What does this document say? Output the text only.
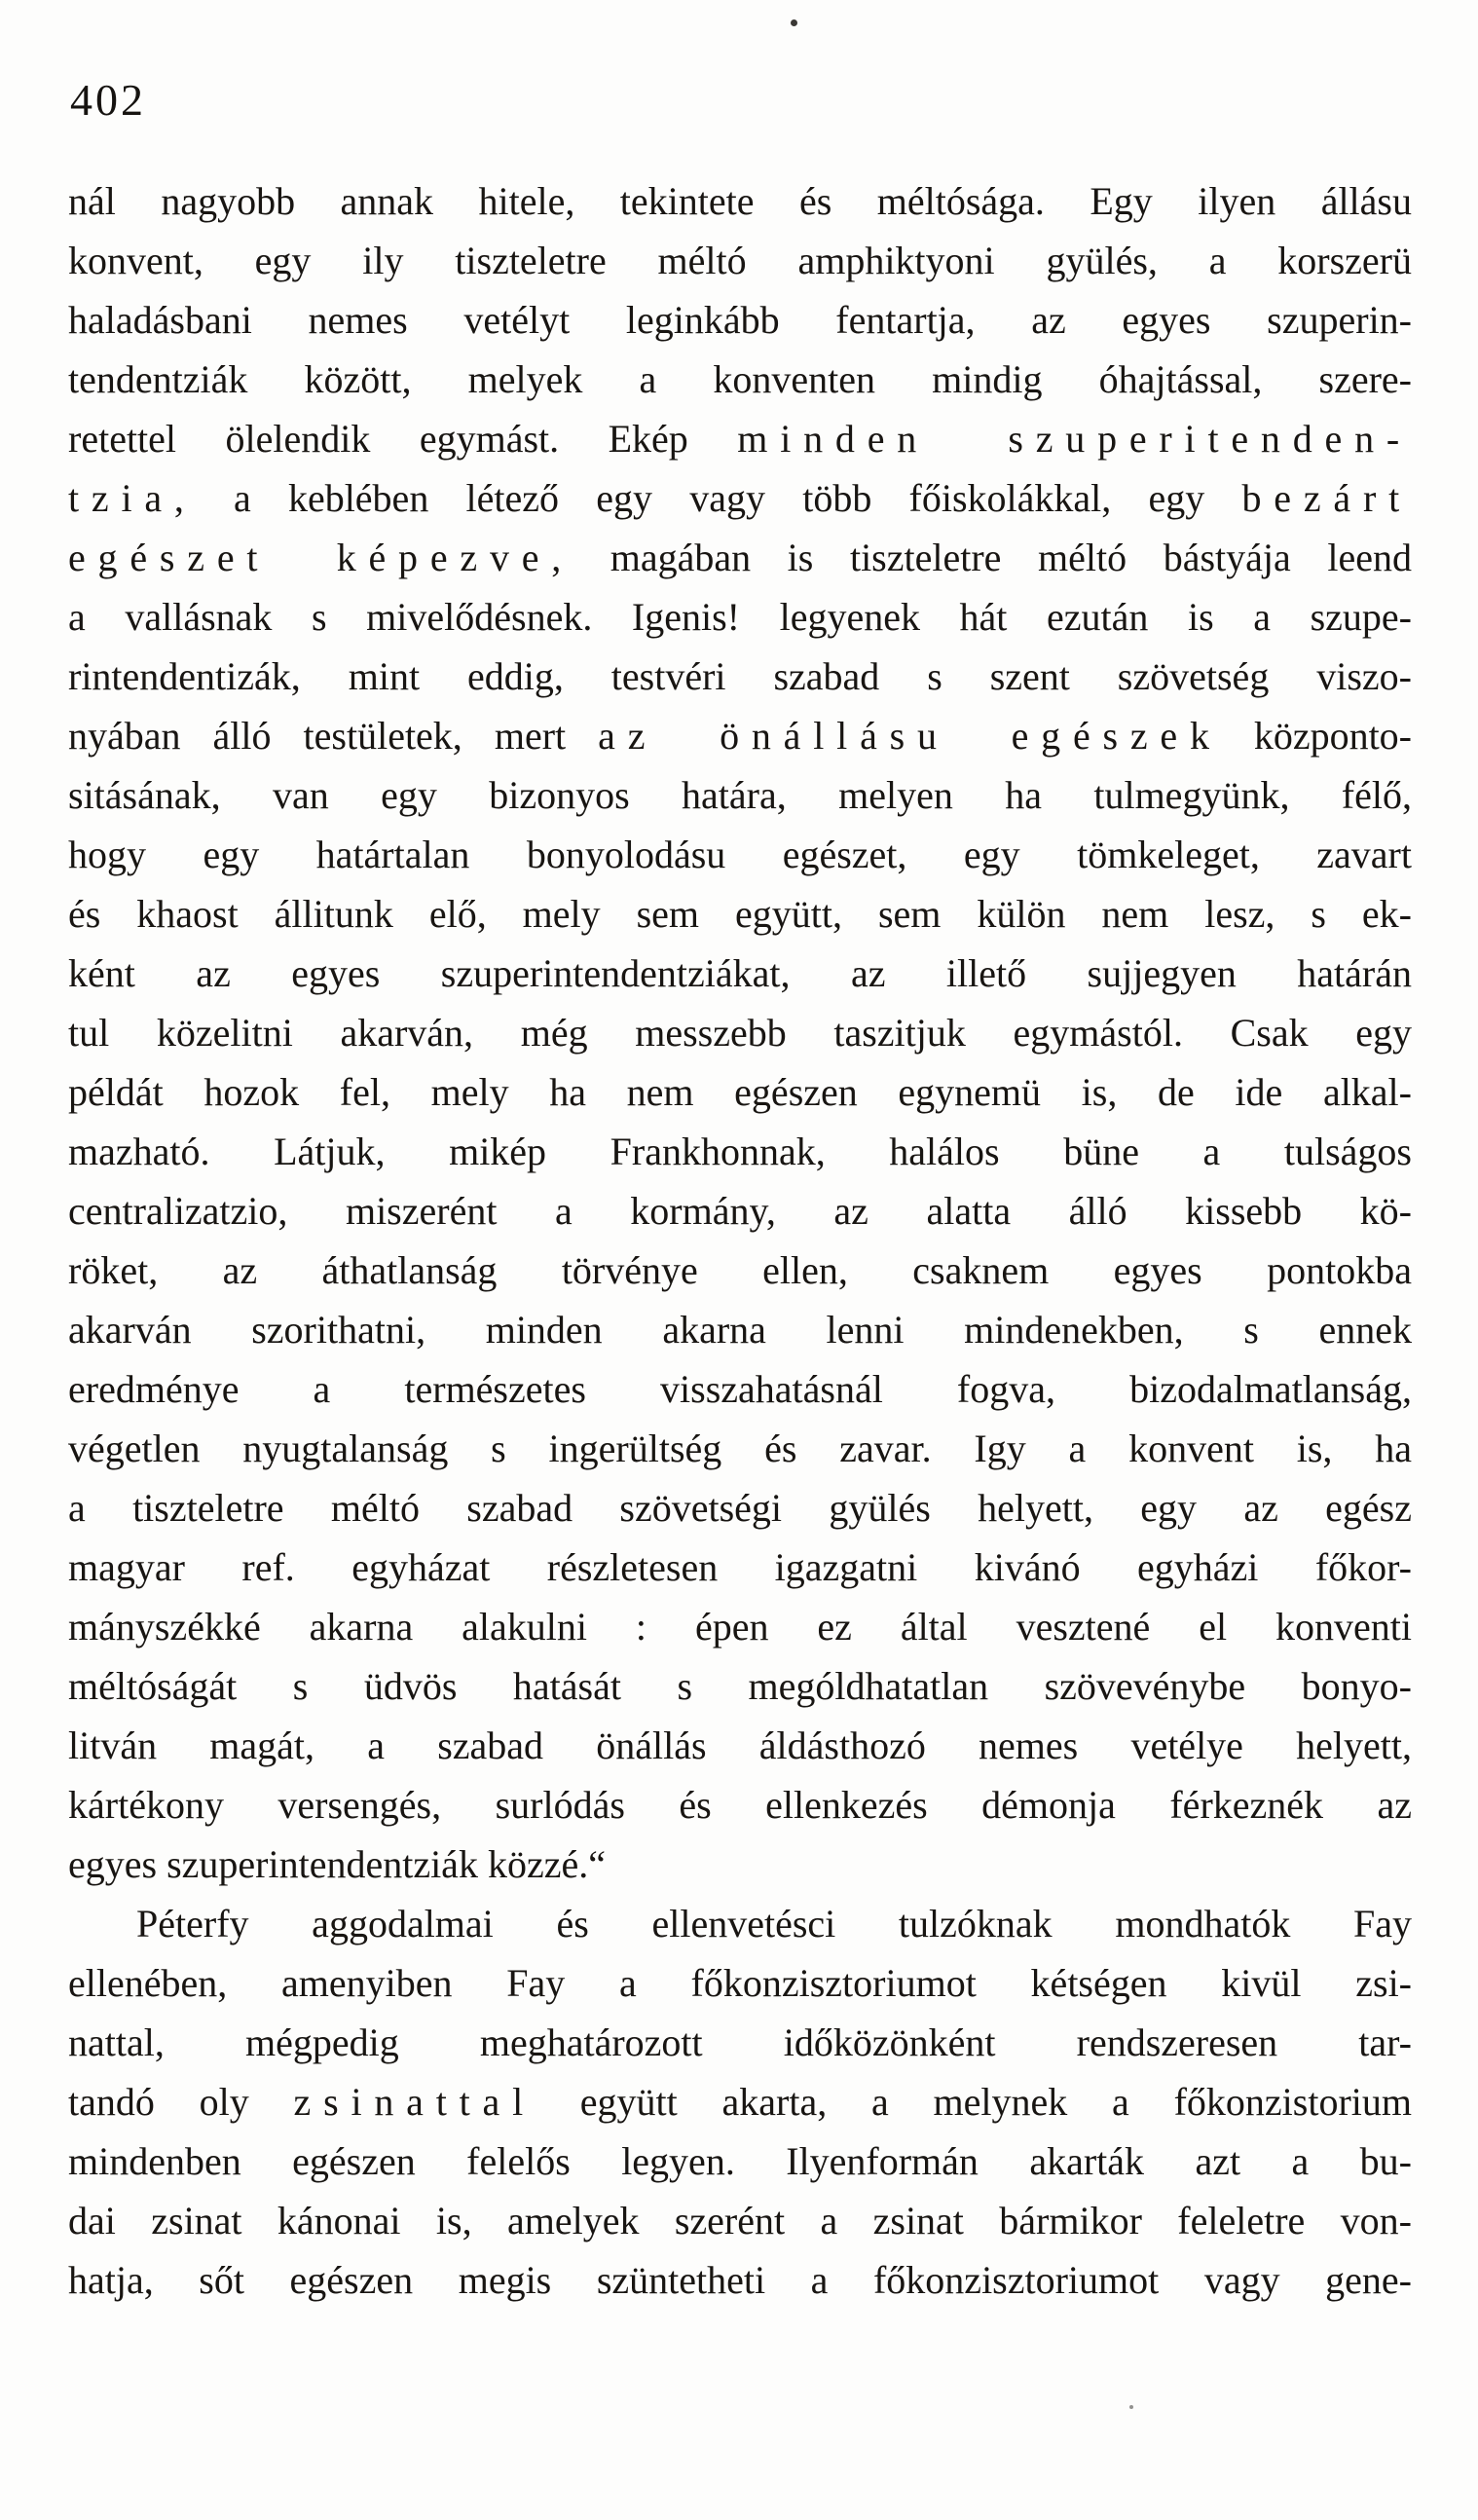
402
nál nagyobb annak hitele, tekintete és méltósága. Egy ilyen állásu
konvent, egy ily tiszteletre méltó amphiktyoni gyülés, a korszerü
haladásbani nemes vetélyt leginkább fentartja, az egyes szuperin-
tendentziák között, melyek a konventen mindig óhajtással, szere-
retettel ölelendik egymást. Ekép minden szuperitenden-
tzia, a keblében létező egy vagy több főiskolákkal, egy bezárt
egészet képezve, magában is tiszteletre méltó bástyája leend
a vallásnak s mivelődésnek. Igenis! legyenek hát ezután is a szupe-
rintendentizák, mint eddig, testvéri szabad s szent szövetség viszo-
nyában álló testületek, mert az önállásu egészek központo-
sitásának, van egy bizonyos határa, melyen ha tulmegyünk, félő,
hogy egy határtalan bonyolodásu egészet, egy tömkeleget, zavart
és khaost állitunk elő, mely sem együtt, sem külön nem lesz, s ek-
ként az egyes szuperintendentziákat, az illető sujjegyen határán
tul közelitni akarván, még messzebb taszitjuk egymástól. Csak egy
példát hozok fel, mely ha nem egészen egynemü is, de ide alkal-
mazható. Látjuk, mikép Frankhonnak, halálos büne a tulságos
centralizatzio, miszerént a kormány, az alatta álló kissebb kö-
röket, az áthatlanság törvénye ellen, csaknem egyes pontokba
akarván szorithatni, minden akarna lenni mindenekben, s ennek
eredménye a természetes visszahatásnál fogva, bizodalmatlanság,
végetlen nyugtalanság s ingerültség és zavar. Igy a konvent is, ha
a tiszteletre méltó szabad szövetségi gyülés helyett, egy az egész
magyar ref. egyházat részletesen igazgatni kivánó egyházi főkor-
mányszékké akarna alakulni : épen ez által vesztené el konventi
méltóságát s üdvös hatását s mególdhatatlan szövevénybe bonyo-
litván magát, a szabad önállás áldásthozó nemes vetélye helyett,
kártékony versengés, surlódás és ellenkezés démonja férkeznék az
egyes szuperintendentziák közzé.“
Péterfy aggodalmai és ellenvetésci tulzóknak mondhatók Fay
ellenében, amenyiben Fay a főkonzisztoriumot kétségen kivül zsi-
nattal, mégpedig meghatározott időközönként rendszeresen tar-
tandó oly zsinattal együtt akarta, a melynek a főkonzistorium
mindenben egészen felelős legyen. Ilyenformán akarták azt a bu-
dai zsinat kánonai is, amelyek szerént a zsinat bármikor feleletre von-
hatja, sőt egészen megis szüntetheti a főkonzisztoriumot vagy gene-
